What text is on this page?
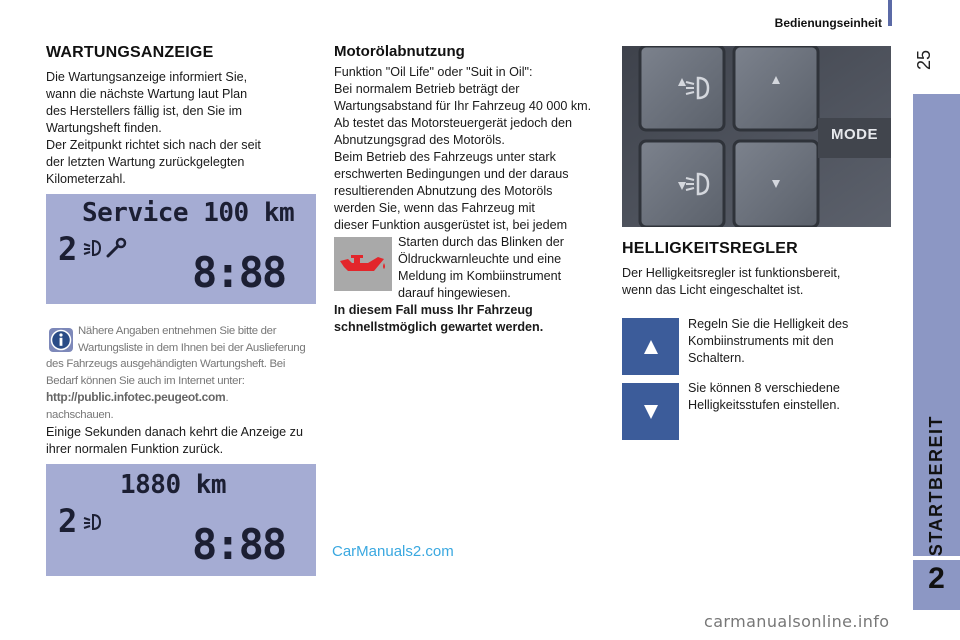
Bedienungseinheit
25
STARTBEREIT
2
WARTUNGSANZEIGE
Die Wartungsanzeige informiert Sie,
wann die nächste Wartung laut Plan
des Herstellers fällig ist, den Sie im
Wartungsheft finden.
Der Zeitpunkt richtet sich nach der seit
der letzten Wartung zurückgelegten
Kilometerzahl.
Service 100 km
2	8:88
Nähere Angaben entnehmen Sie bitte der
Wartungsliste in dem Ihnen bei der Auslieferung
des Fahrzeugs ausgehändigten Wartungsheft. Bei
Bedarf können Sie auch im Internet unter:
http://public.infotec.peugeot.com.
nachschauen.
Einige Sekunden danach kehrt die Anzeige zu
ihrer normalen Funktion zurück.
1880 km
2	8:88
Motorölabnutzung
Funktion "Oil Life" oder "Suit in Oil":
Bei normalem Betrieb beträgt der
Wartungsabstand für Ihr Fahrzeug 40 000 km.
Ab testet das Motorsteuergerät jedoch den
Abnutzungsgrad des Motoröls.
Beim Betrieb des Fahrzeugs unter stark
erschwerten Bedingungen und der daraus
resultierenden Abnutzung des Motoröls
werden Sie, wenn das Fahrzeug mit
dieser Funktion ausgerüstet ist, bei jedem
Starten durch das Blinken der
Öldruckwarnleuchte und eine
Meldung im Kombiinstrument
darauf hingewiesen.
In diesem Fall muss Ihr Fahrzeug
schnellstmöglich gewartet werden.
MODE
HELLIGKEITSREGLER
Der Helligkeitsregler ist funktionsbereit,
wenn das Licht eingeschaltet ist.
Regeln Sie die Helligkeit des
Kombiinstruments mit den
Schaltern.
Sie können 8 verschiedene
Helligkeitsstufen einstellen.
CarManuals2.com
carmanualsonline.info
